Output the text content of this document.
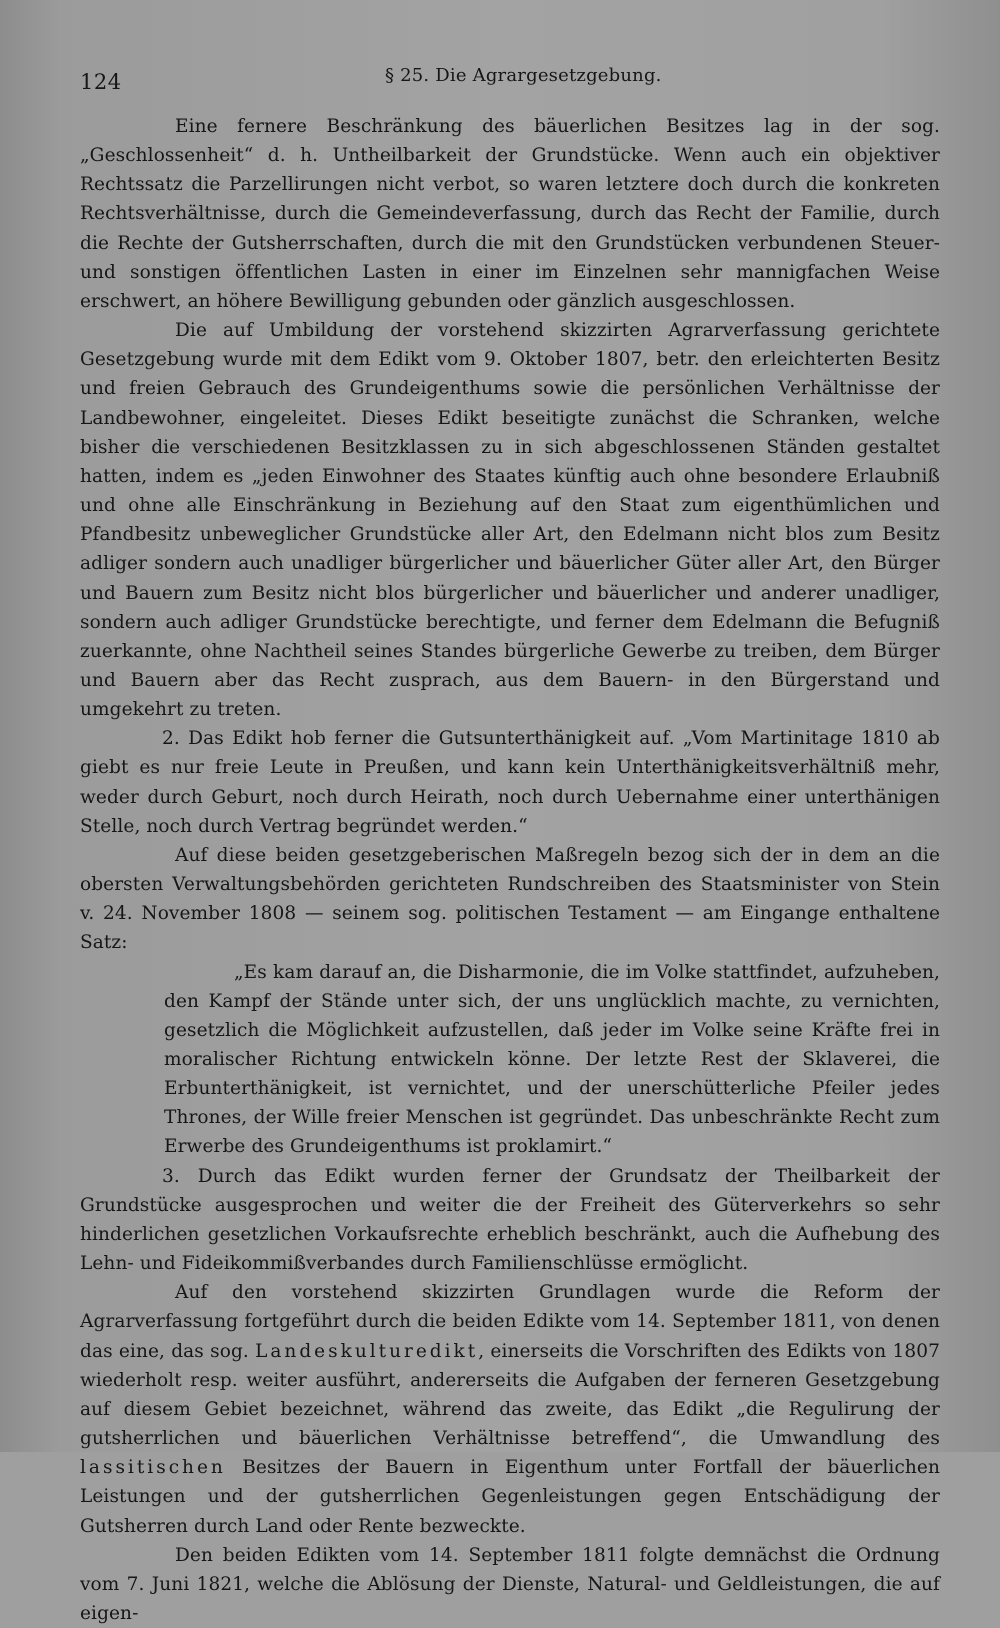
124	§ 25. Die Agrargesetzgebung.

Eine fernere Beschränkung des bäuerlichen Besitzes lag in der sog. „Geschlossenheit“ d. h. Untheilbarkeit der Grundstücke. Wenn auch ein objektiver Rechtssatz die Parzellirungen nicht verbot, so waren letztere doch durch die konkreten Rechtsverhältnisse, durch die Gemeindeverfassung, durch das Recht der Familie, durch die Rechte der Gutsherrschaften, durch die mit den Grundstücken verbundenen Steuer- und sonstigen öffentlichen Lasten in einer im Einzelnen sehr mannigfachen Weise erschwert, an höhere Bewilligung gebunden oder gänzlich ausgeschlossen.

Die auf Umbildung der vorstehend skizzirten Agrarverfassung gerichtete Gesetzgebung wurde mit dem Edikt vom 9. Oktober 1807, betr. den erleichterten Besitz und freien Gebrauch des Grundeigenthums sowie die persönlichen Verhältnisse der Landbewohner, eingeleitet. Dieses Edikt beseitigte zunächst die Schranken, welche bisher die verschiedenen Besitzklassen zu in sich abgeschlossenen Ständen gestaltet hatten, indem es „jeden Einwohner des Staates künftig auch ohne besondere Erlaubniß und ohne alle Einschränkung in Beziehung auf den Staat zum eigenthümlichen und Pfandbesitz unbeweglicher Grundstücke aller Art, den Edelmann nicht blos zum Besitz adliger sondern auch unadliger bürgerlicher und bäuerlicher Güter aller Art, den Bürger und Bauern zum Besitz nicht blos bürgerlicher und bäuerlicher und anderer unadliger, sondern auch adliger Grundstücke berechtigte, und ferner dem Edelmann die Befugniß zuerkannte, ohne Nachtheil seines Standes bürgerliche Gewerbe zu treiben, dem Bürger und Bauern aber das Recht zusprach, aus dem Bauern- in den Bürgerstand und umgekehrt zu treten.

2. Das Edikt hob ferner die Gutsunterthänigkeit auf. „Vom Martinitage 1810 ab giebt es nur freie Leute in Preußen, und kann kein Unterthänigkeitsverhältniß mehr, weder durch Geburt, noch durch Heirath, noch durch Uebernahme einer unterthänigen Stelle, noch durch Vertrag begründet werden.“

Auf diese beiden gesetzgeberischen Maßregeln bezog sich der in dem an die obersten Verwaltungsbehörden gerichteten Rundschreiben des Staatsminister von Stein v. 24. November 1808 — seinem sog. politischen Testament — am Eingange enthaltene Satz:

„Es kam darauf an, die Disharmonie, die im Volke stattfindet, aufzuheben, den Kampf der Stände unter sich, der uns unglücklich machte, zu vernichten, gesetzlich die Möglichkeit aufzustellen, daß jeder im Volke seine Kräfte frei in moralischer Richtung entwickeln könne. Der letzte Rest der Sklaverei, die Erbunterthänigkeit, ist vernichtet, und der unerschütterliche Pfeiler jedes Thrones, der Wille freier Menschen ist gegründet. Das unbeschränkte Recht zum Erwerbe des Grundeigenthums ist proklamirt.“

3. Durch das Edikt wurden ferner der Grundsatz der Theilbarkeit der Grundstücke ausgesprochen und weiter die der Freiheit des Güterverkehrs so sehr hinderlichen gesetzlichen Vorkaufsrechte erheblich beschränkt, auch die Aufhebung des Lehn- und Fideikommißverbandes durch Familienschlüsse ermöglicht.

Auf den vorstehend skizzirten Grundlagen wurde die Reform der Agrarverfassung fortgeführt durch die beiden Edikte vom 14. September 1811, von denen das eine, das sog. Landeskulturedikt, einerseits die Vorschriften des Edikts von 1807 wiederholt resp. weiter ausführt, andererseits die Aufgaben der ferneren Gesetzgebung auf diesem Gebiet bezeichnet, während das zweite, das Edikt „die Regulirung der gutsherrlichen und bäuerlichen Verhältnisse betreffend“, die Umwandlung des lassitischen Besitzes der Bauern in Eigenthum unter Fortfall der bäuerlichen Leistungen und der gutsherrlichen Gegenleistungen gegen Entschädigung der Gutsherren durch Land oder Rente bezweckte.

Den beiden Edikten vom 14. September 1811 folgte demnächst die Ordnung vom 7. Juni 1821, welche die Ablösung der Dienste, Natural- und Geldleistungen, die auf eigen-
